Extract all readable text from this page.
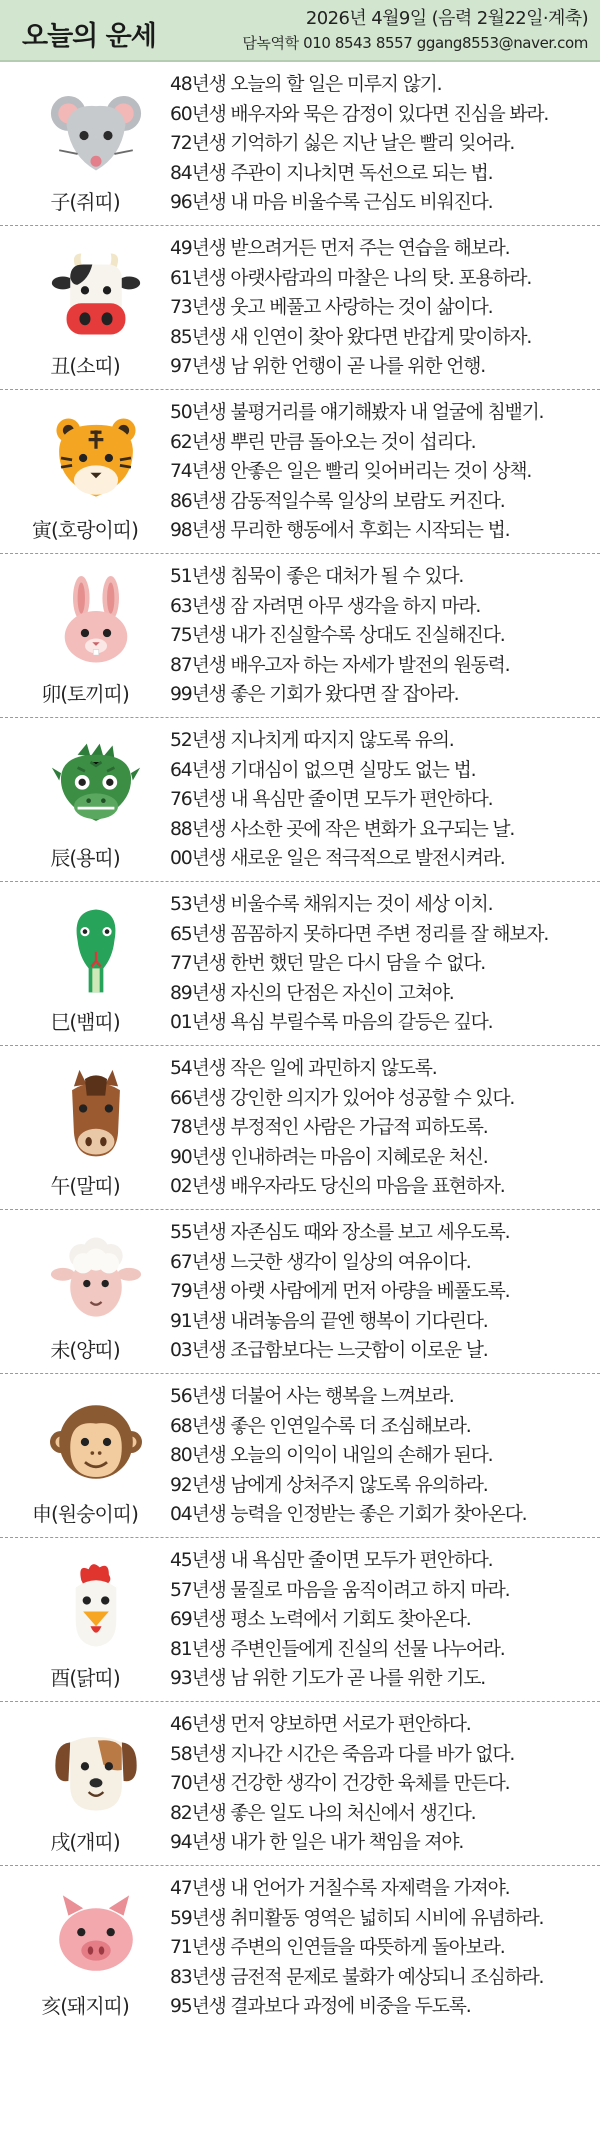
오늘의 운세
2026년 4월9일 (음력 2월22일·계축)
담녹역학 010 8543 8557 ggang8553@naver.com
子(쥐띠)
48년생 오늘의 할 일은 미루지 않기.
60년생 배우자와 묵은 감정이 있다면 진심을 봐라.
72년생 기억하기 싫은 지난 날은 빨리 잊어라.
84년생 주관이 지나치면 독선으로 되는 법.
96년생 내 마음 비울수록 근심도 비워진다.
丑(소띠)
49년생 받으려거든 먼저 주는 연습을 해보라.
61년생 아랫사람과의 마찰은 나의 탓. 포용하라.
73년생 웃고 베풀고 사랑하는 것이 삶이다.
85년생 새 인연이 찾아 왔다면 반갑게 맞이하자.
97년생 남 위한 언행이 곧 나를 위한 언행.
寅(호랑이띠)
50년생 불평거리를 얘기해봤자 내 얼굴에 침뱉기.
62년생 뿌린 만큼 돌아오는 것이 섭리다.
74년생 안좋은 일은 빨리 잊어버리는 것이 상책.
86년생 감동적일수록 일상의 보람도 커진다.
98년생 무리한 행동에서 후회는 시작되는 법.
卯(토끼띠)
51년생 침묵이 좋은 대처가 될 수 있다.
63년생 잠 자려면 아무 생각을 하지 마라.
75년생 내가 진실할수록 상대도 진실해진다.
87년생 배우고자 하는 자세가 발전의 원동력.
99년생 좋은 기회가 왔다면 잘 잡아라.
辰(용띠)
52년생 지나치게 따지지 않도록 유의.
64년생 기대심이 없으면 실망도 없는 법.
76년생 내 욕심만 줄이면 모두가 편안하다.
88년생 사소한 곳에 작은 변화가 요구되는 날.
00년생 새로운 일은 적극적으로 발전시켜라.
巳(뱀띠)
53년생 비울수록 채워지는 것이 세상 이치.
65년생 꼼꼼하지 못하다면 주변 정리를 잘 해보자.
77년생 한번 했던 말은 다시 담을 수 없다.
89년생 자신의 단점은 자신이 고쳐야.
01년생 욕심 부릴수록 마음의 갈등은 깊다.
午(말띠)
54년생 작은 일에 과민하지 않도록.
66년생 강인한 의지가 있어야 성공할 수 있다.
78년생 부정적인 사람은 가급적 피하도록.
90년생 인내하려는 마음이 지혜로운 처신.
02년생 배우자라도 당신의 마음을 표현하자.
未(양띠)
55년생 자존심도 때와 장소를 보고 세우도록.
67년생 느긋한 생각이 일상의 여유이다.
79년생 아랫 사람에게 먼저 아량을 베풀도록.
91년생 내려놓음의 끝엔 행복이 기다린다.
03년생 조급함보다는 느긋함이 이로운 날.
申(원숭이띠)
56년생 더불어 사는 행복을 느껴보라.
68년생 좋은 인연일수록 더 조심해보라.
80년생 오늘의 이익이 내일의 손해가 된다.
92년생 남에게 상처주지 않도록 유의하라.
04년생 능력을 인정받는 좋은 기회가 찾아온다.
酉(닭띠)
45년생 내 욕심만 줄이면 모두가 편안하다.
57년생 물질로 마음을 움직이려고 하지 마라.
69년생 평소 노력에서 기회도 찾아온다.
81년생 주변인들에게 진실의 선물 나누어라.
93년생 남 위한 기도가 곧 나를 위한 기도.
戌(개띠)
46년생 먼저 양보하면 서로가 편안하다.
58년생 지나간 시간은 죽음과 다를 바가 없다.
70년생 건강한 생각이 건강한 육체를 만든다.
82년생 좋은 일도 나의 처신에서 생긴다.
94년생 내가 한 일은 내가 책임을 져야.
亥(돼지띠)
47년생 내 언어가 거칠수록 자제력을 가져야.
59년생 취미활동 영역은 넓히되 시비에 유념하라.
71년생 주변의 인연들을 따뜻하게 돌아보라.
83년생 금전적 문제로 불화가 예상되니 조심하라.
95년생 결과보다 과정에 비중을 두도록.
